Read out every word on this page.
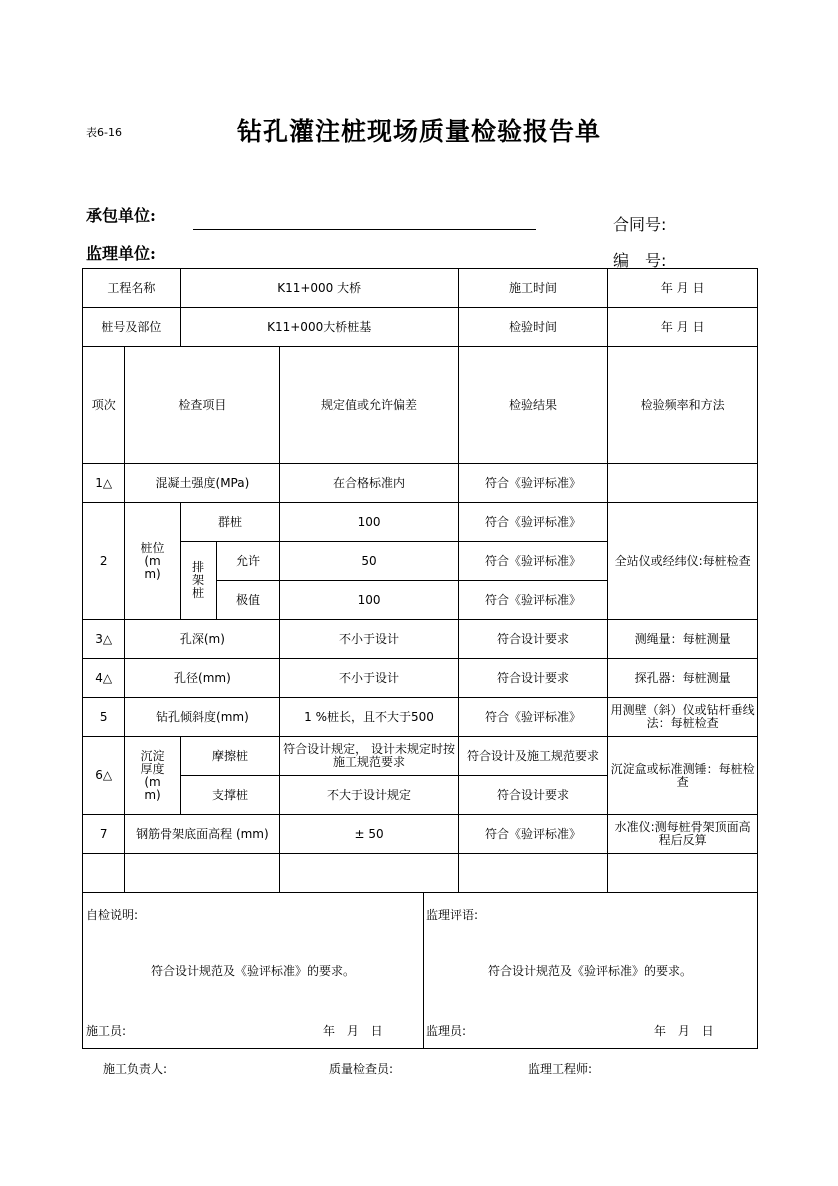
表6-16	钻孔灌注桩现场质量检验报告单
承包单位:
监理单位:
合同号:
编　号:
工程名称		K11+000 大桥			施工时间	年 月 日
桩号及部位		K11+000大桥桩基			检验时间	年 月 日
项次	检查项目			规定值或允许偏差	检验结果	检验频率和方法
1△	混凝土强度(MPa)			在合格标准内	符合《验评标准》	
2	桩位(mm)	群桩		100	符合《验评标准》	全站仪或经纬仪:每桩检查
		排架桩	允许	50	符合《验评标准》	
			极值	100	符合《验评标准》	
3△	孔深(m)			不小于设计	符合设计要求	测绳量：每桩测量
4△	孔径(mm)			不小于设计	符合设计要求	探孔器：每桩测量
5	钻孔倾斜度(mm)			1 %桩长，且不大于500	符合《验评标准》	用测壁（斜）仪或钻杆垂线法：每桩检查
6△	沉淀厚度(mm)	摩擦桩		符合设计规定， 设计未规定时按施工规范要求	符合设计及施工规范要求	沉淀盒或标准测锤：每桩检查
		支撑桩		不大于设计规定	符合设计要求	
7	钢筋骨架底面高程 (mm)			± 50	符合《验评标准》	水准仪:测每桩骨架顶面高程后反算

自检说明:
符合设计规范及《验评标准》的要求。
施工员:	年 月 日
监理评语:
符合设计规范及《验评标准》的要求。
监理员:	年 月 日
施工负责人:	质量检查员:	监理工程师:
